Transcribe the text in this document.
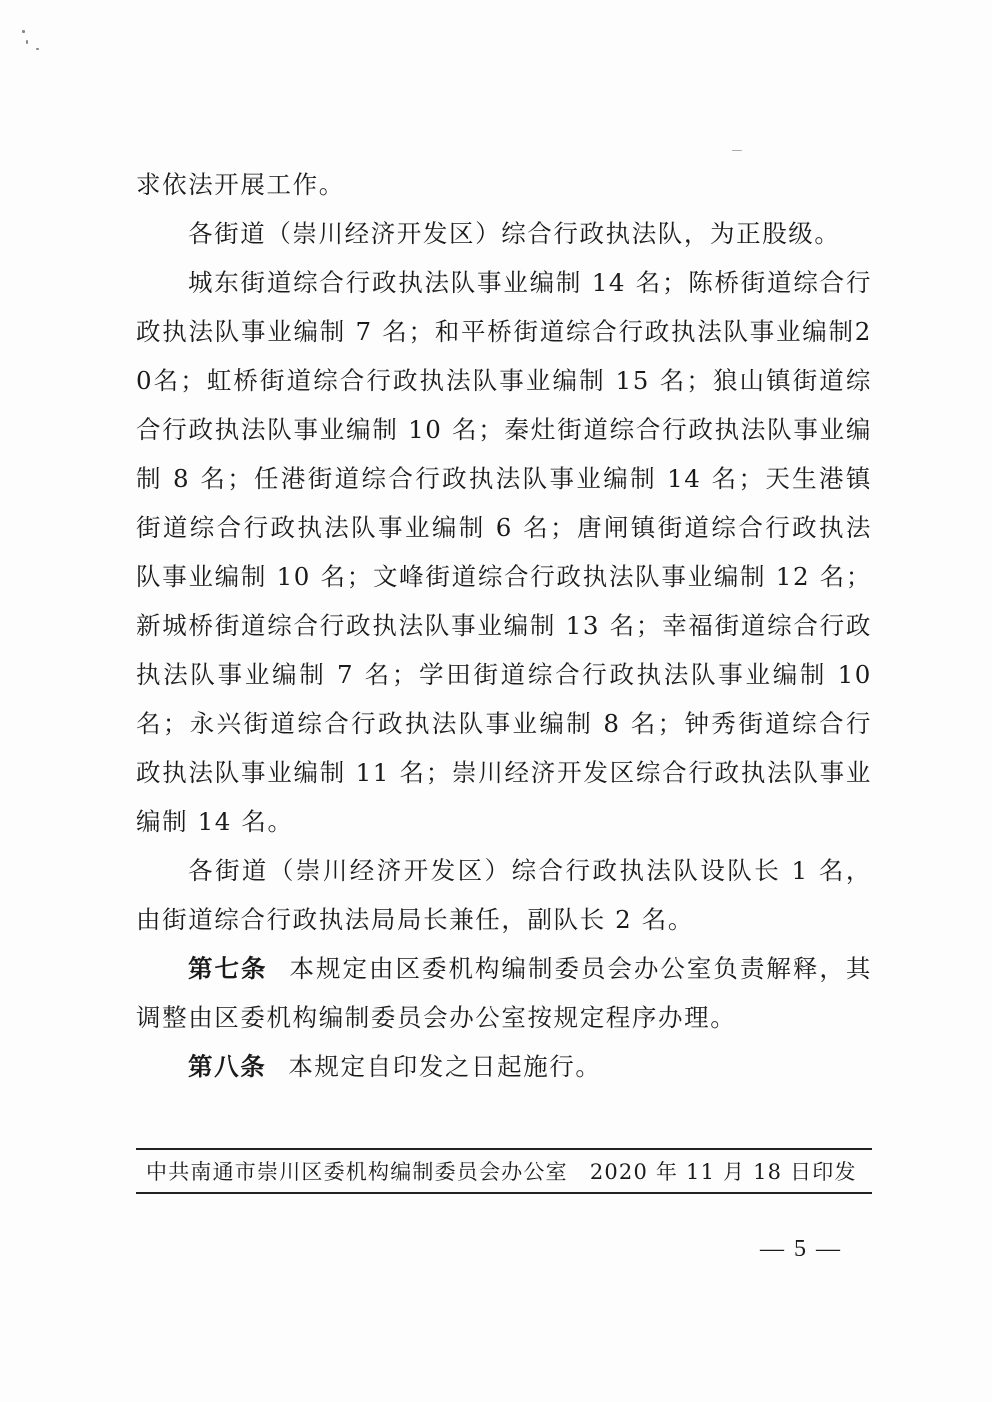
求依法开展工作。

各街道（崇川经济开发区）综合行政执法队，为正股级。

城东街道综合行政执法队事业编制 14 名；陈桥街道综合行政执法队事业编制 7 名；和平桥街道综合行政执法队事业编制20名；虹桥街道综合行政执法队事业编制 15 名；狼山镇街道综合行政执法队事业编制 10 名；秦灶街道综合行政执法队事业编制 8 名；任港街道综合行政执法队事业编制 14 名；天生港镇街道综合行政执法队事业编制 6 名；唐闸镇街道综合行政执法队事业编制 10 名；文峰街道综合行政执法队事业编制 12 名；新城桥街道综合行政执法队事业编制 13 名；幸福街道综合行政执法队事业编制 7 名；学田街道综合行政执法队事业编制 10 名；永兴街道综合行政执法队事业编制 8 名；钟秀街道综合行政执法队事业编制 11 名；崇川经济开发区综合行政执法队事业编制 14 名。

各街道（崇川经济开发区）综合行政执法队设队长 1 名，由街道综合行政执法局局长兼任，副队长 2 名。

第七条 本规定由区委机构编制委员会办公室负责解释，其调整由区委机构编制委员会办公室按规定程序办理。

第八条 本规定自印发之日起施行。

中共南通市崇川区委机构编制委员会办公室 2020 年 11 月 18 日印发
— 5 —
